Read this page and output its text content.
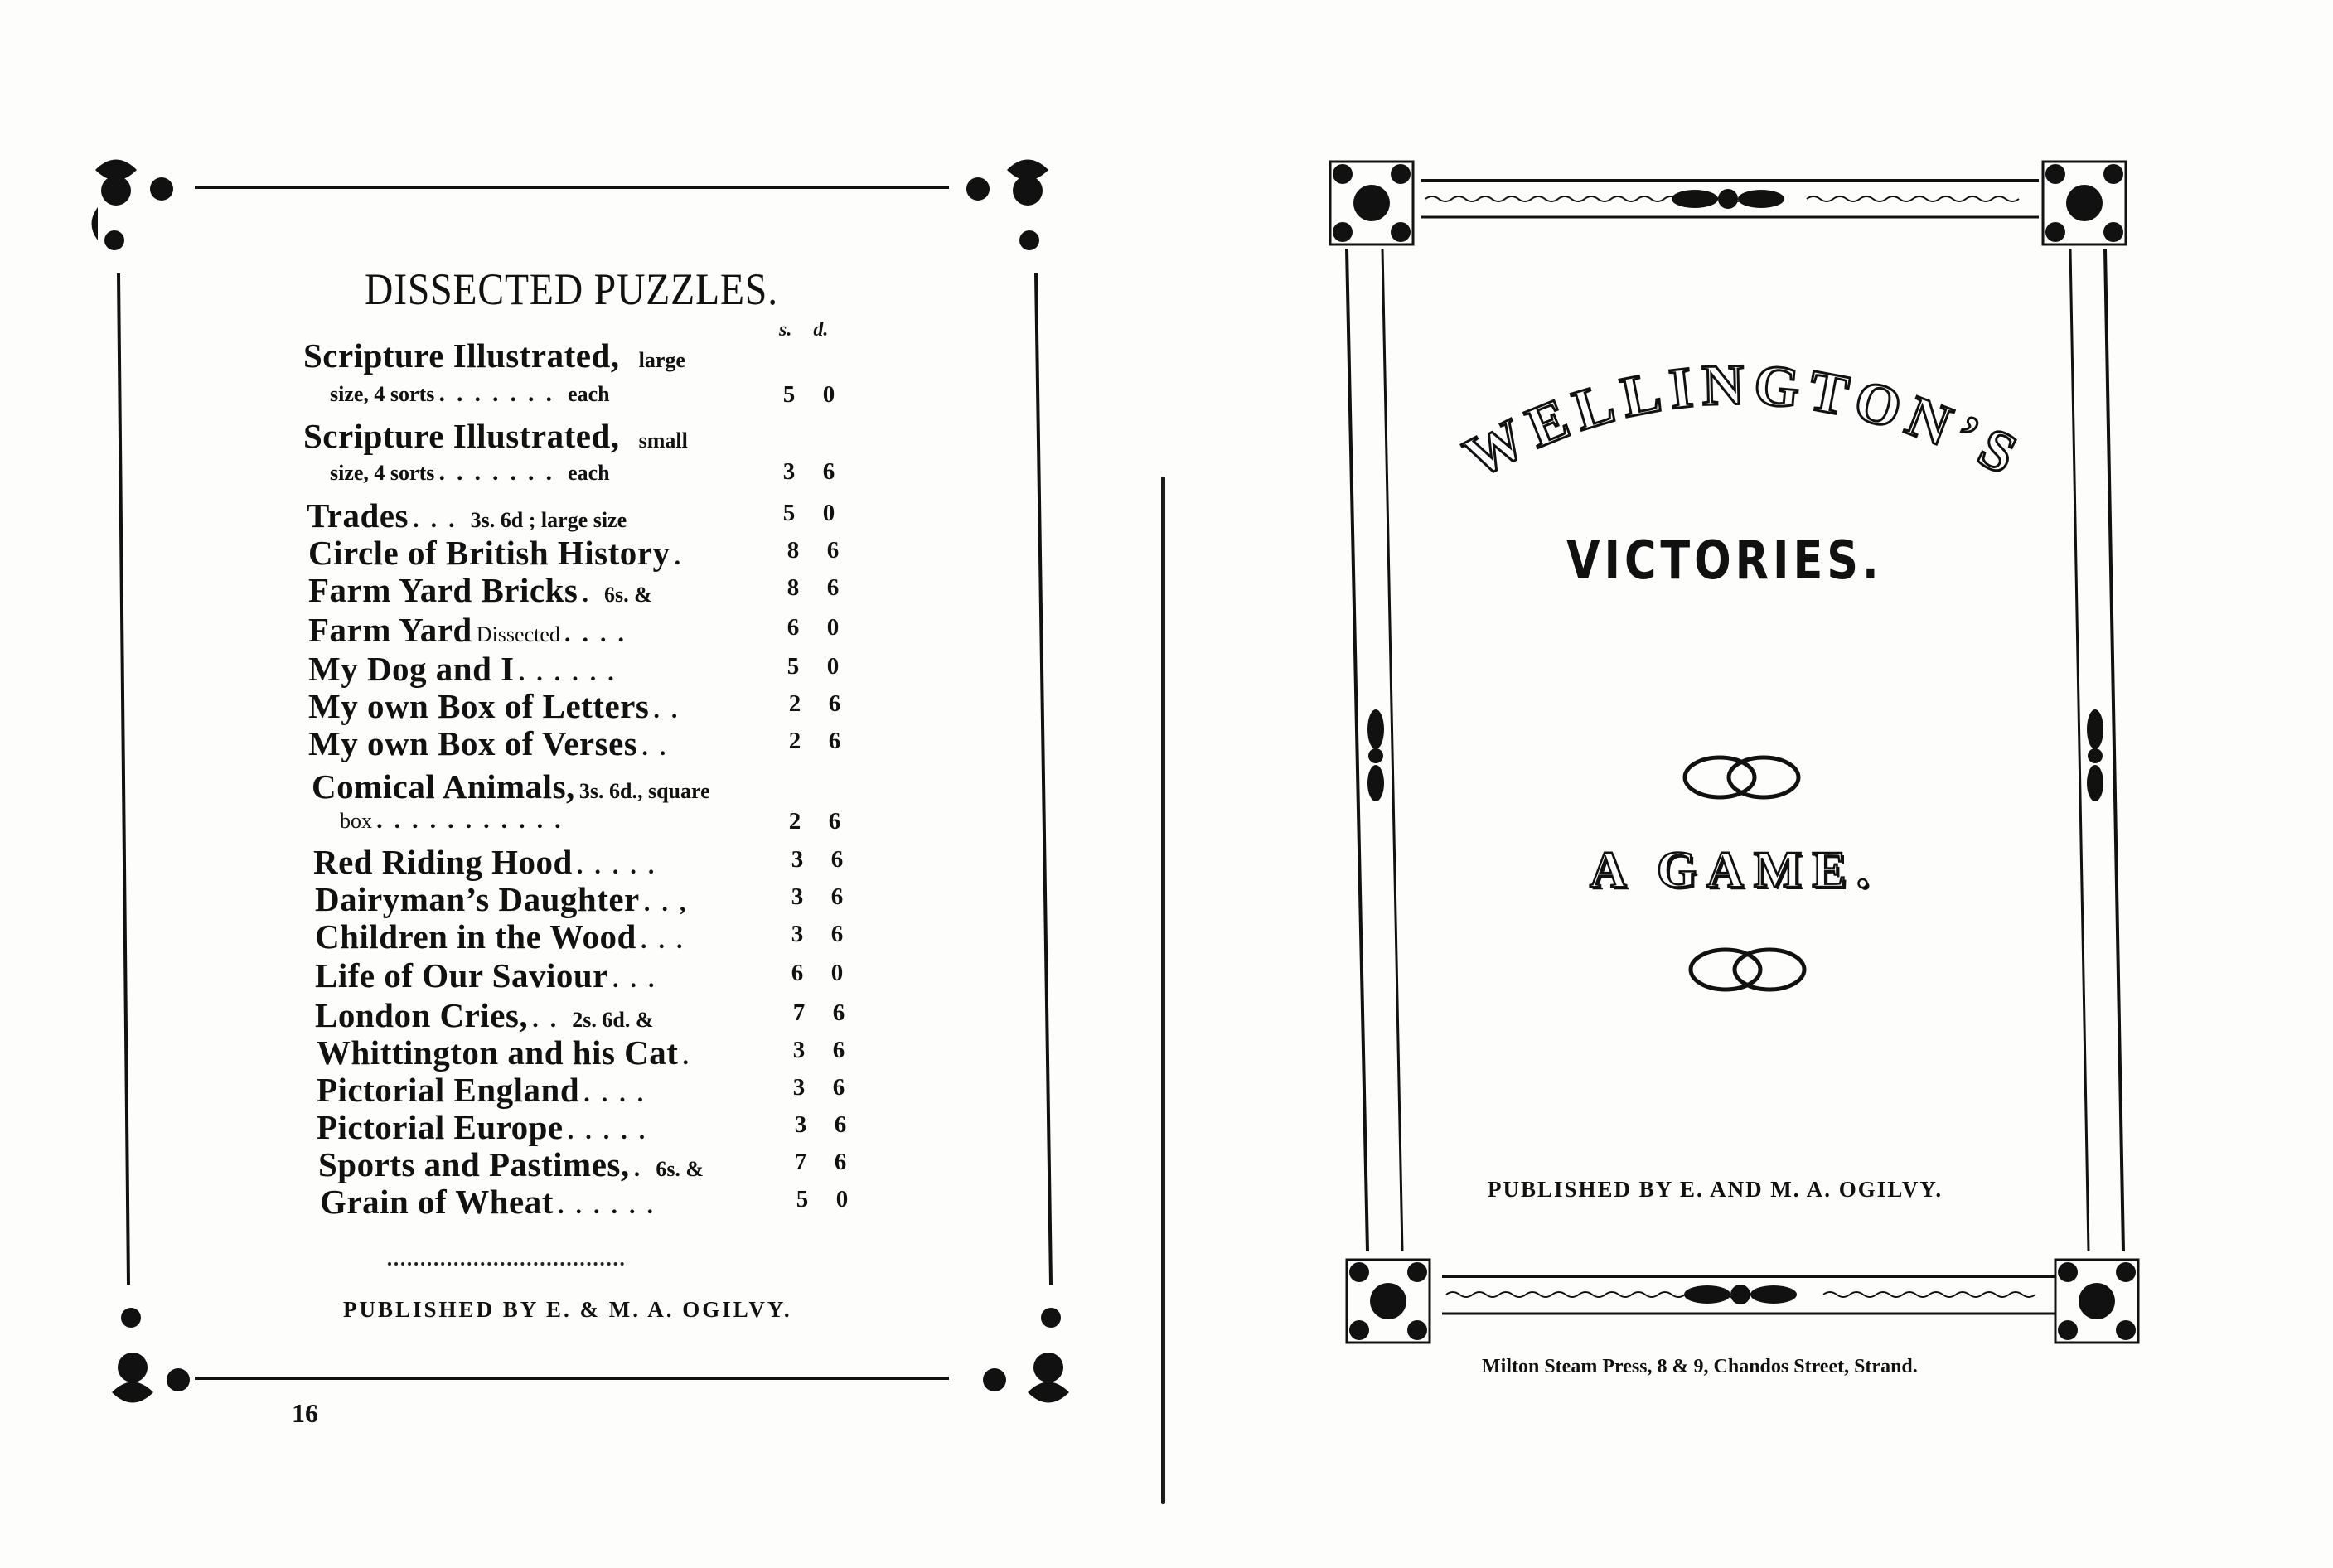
DISSECTED PUZZLES.
s. d.
Scripture Illustrated, large
size, 4 sorts ....... each	5 0
Scripture Illustrated, small
size, 4 sorts ....... each	3 6
Trades ... 3s. 6d ; large size	5 0
Circle of British History .	8 6
Farm Yard Bricks . 6s. &	8 6
Farm Yard Dissected ....	6 0
My Dog and I ......	5 0
My own Box of Letters ..	2 6
My own Box of Verses ..	2 6
Comical Animals, 3s. 6d., square
box ...........	2 6
Red Riding Hood .....	3 6
Dairyman’s Daughter ..,	3 6
Children in the Wood ...	3 6
Life of Our Saviour ...	6 0
London Cries, .. 2s. 6d. &	7 6
Whittington and his Cat .	3 6
Pictorial England ....	3 6
Pictorial Europe .....	3 6
Sports and Pastimes, . 6s. &	7 6
Grain of Wheat ......	5 0
PUBLISHED BY E. & M. A. OGILVY.
16
WELLINGTON’S
VICTORIES.
A GAME.
PUBLISHED BY E. AND M. A. OGILVY.
Milton Steam Press, 8 & 9, Chandos Street, Strand.
